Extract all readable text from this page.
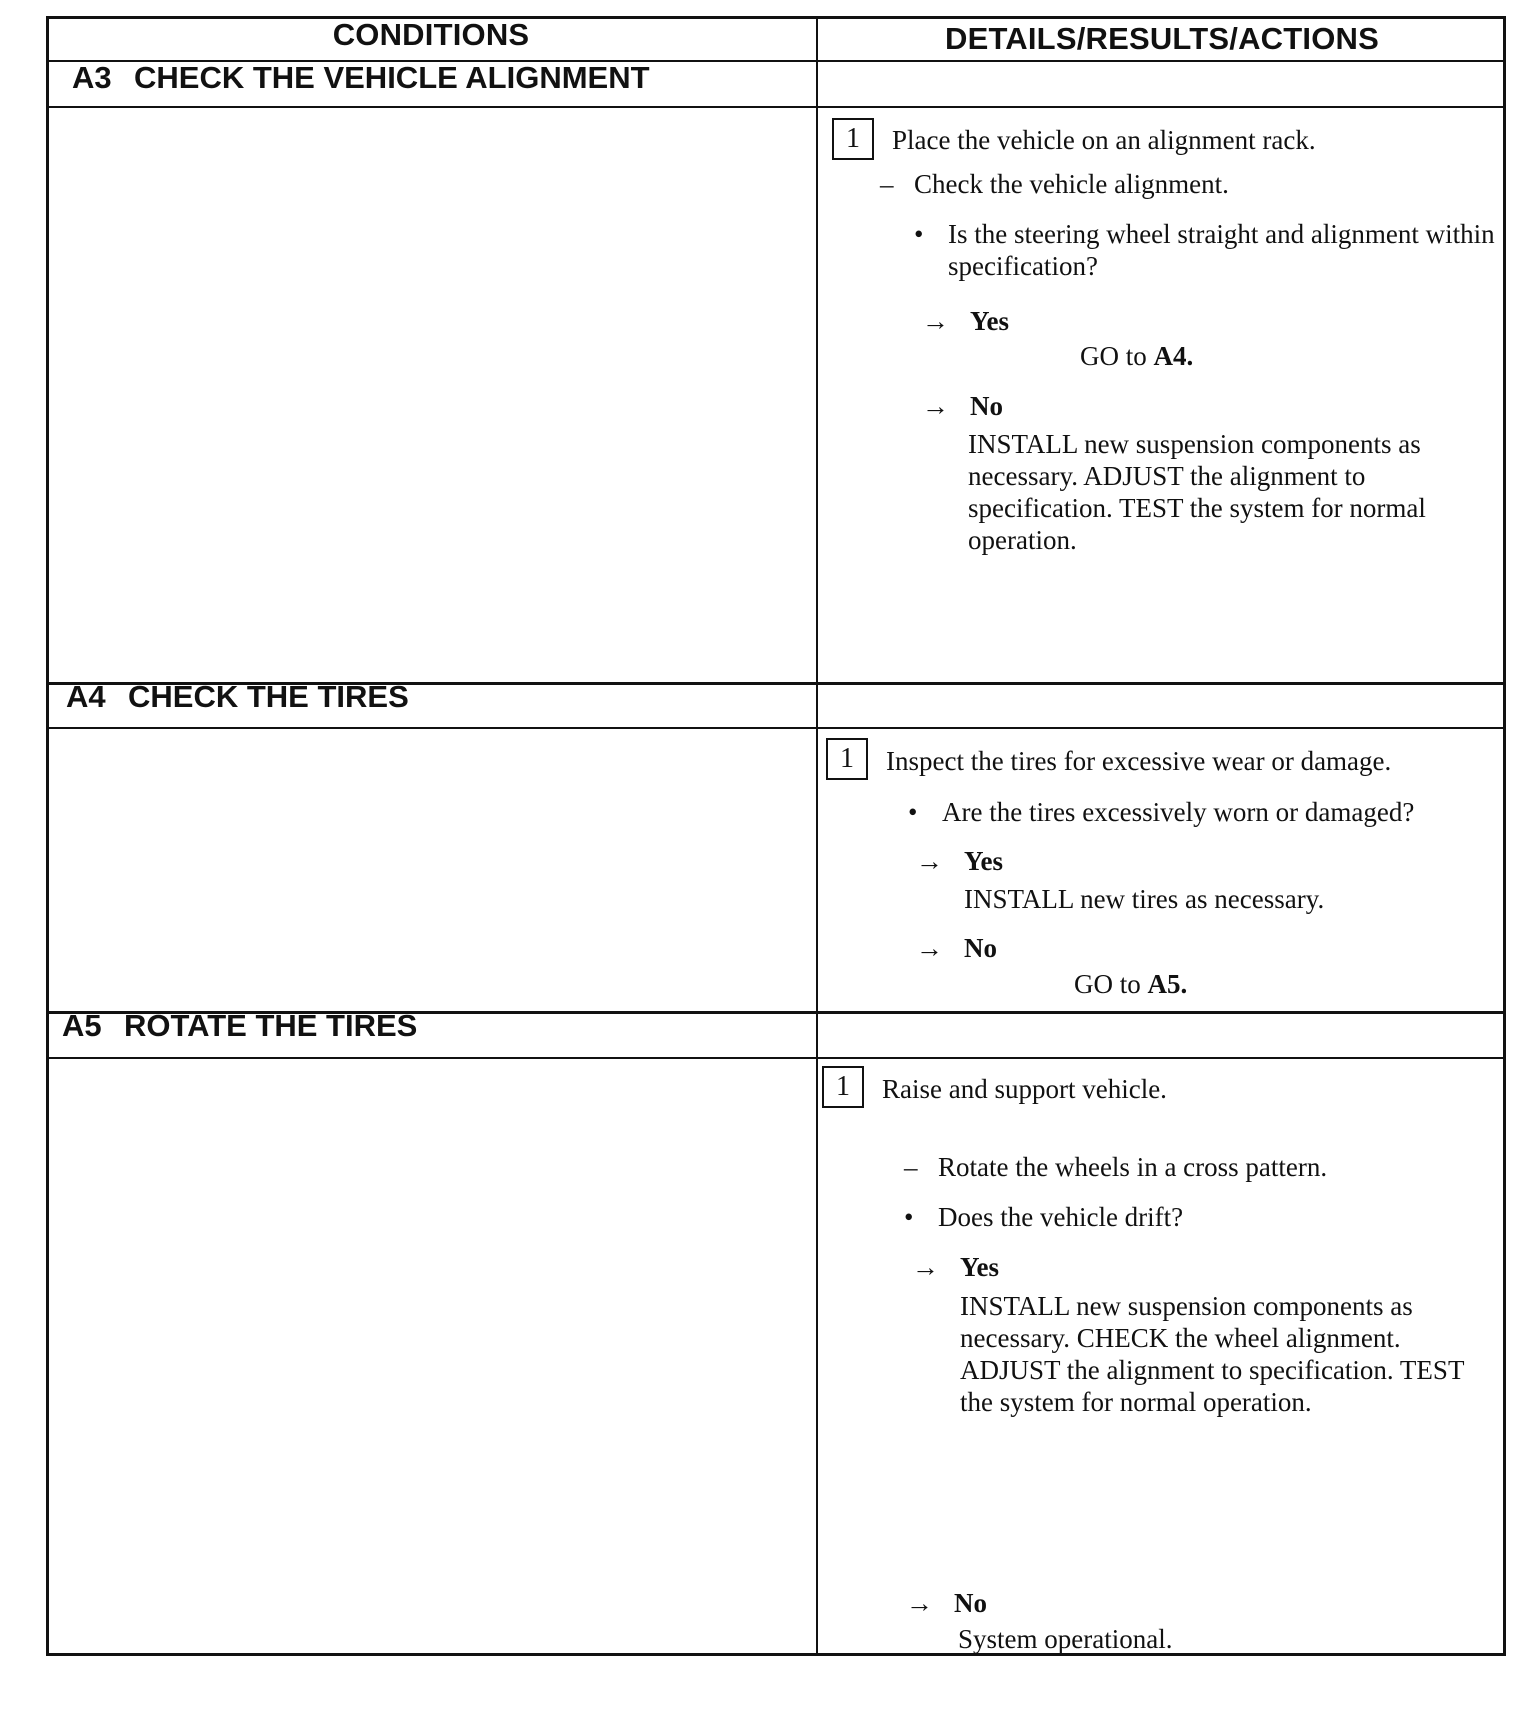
CONDITIONS	DETAILS/RESULTS/ACTIONS
A3 CHECK THE VEHICLE ALIGNMENT
1	Place the vehicle on an alignment rack.
– Check the vehicle alignment.
• Is the steering wheel straight and alignment within specification?
→ Yes
GO to A4.
→ No
INSTALL new suspension components as necessary. ADJUST the alignment to specification. TEST the system for normal operation.
A4 CHECK THE TIRES
1	Inspect the tires for excessive wear or damage.
• Are the tires excessively worn or damaged?
→ Yes
INSTALL new tires as necessary.
→ No
GO to A5.
A5 ROTATE THE TIRES
1	Raise and support vehicle.
– Rotate the wheels in a cross pattern.
• Does the vehicle drift?
→ Yes
INSTALL new suspension components as necessary. CHECK the wheel alignment. ADJUST the alignment to specification. TEST the system for normal operation.
→ No
System operational.
